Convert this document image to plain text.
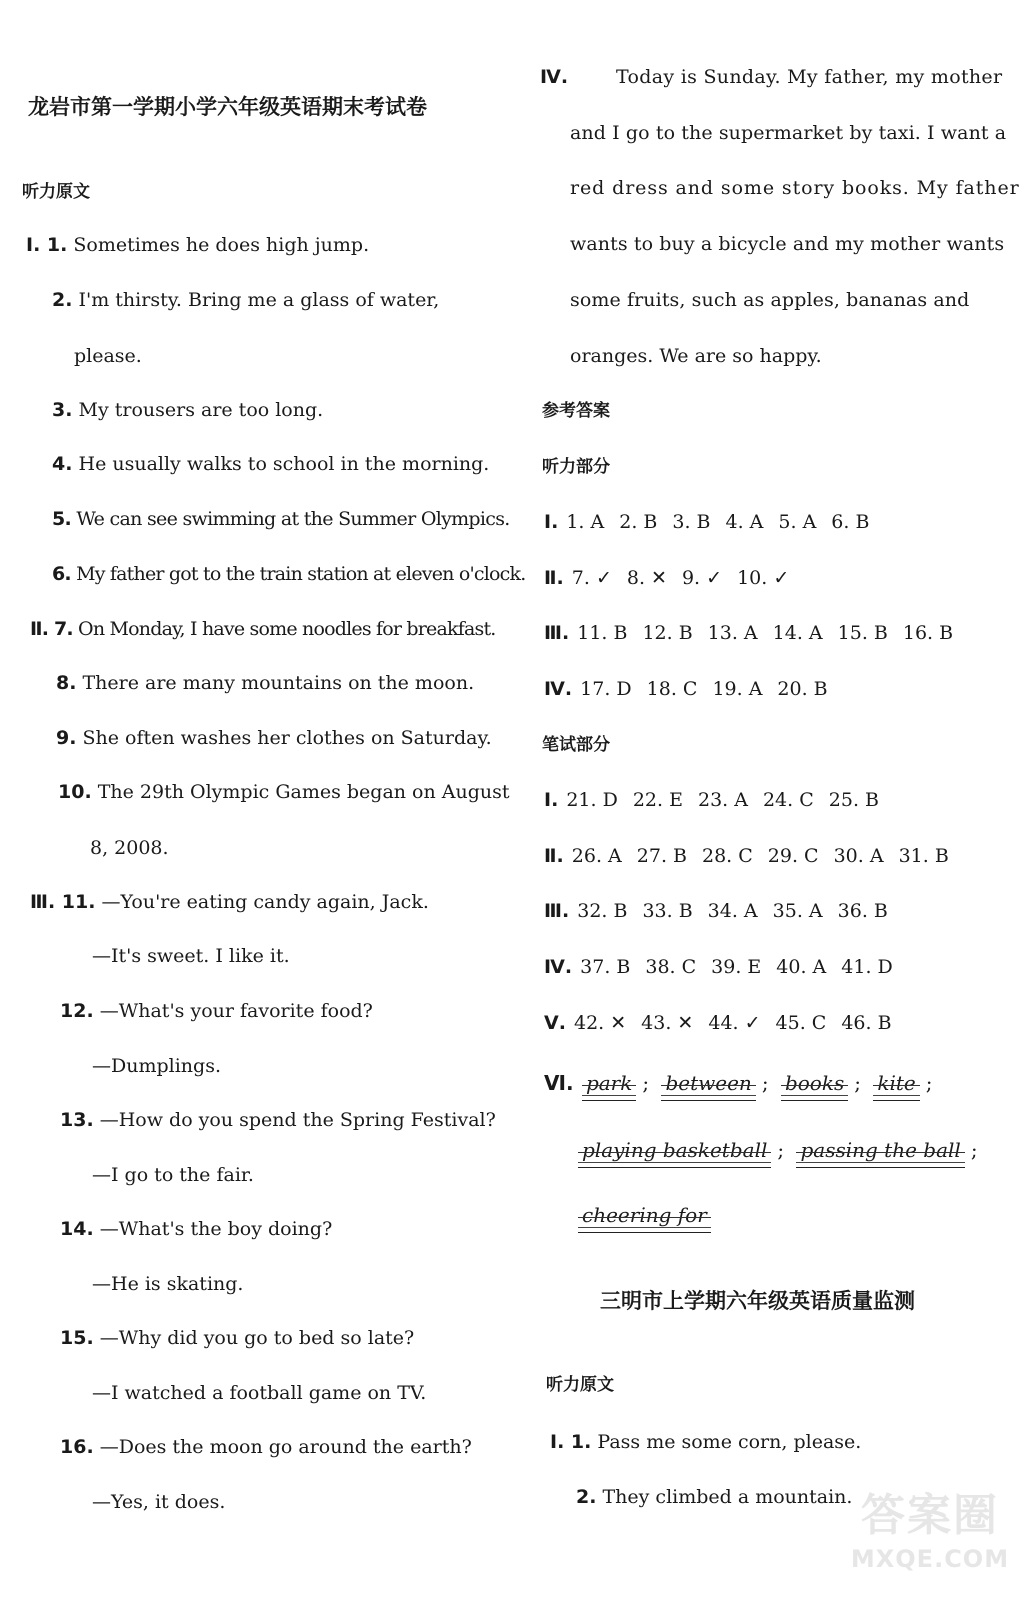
龙岩市第一学期小学六年级英语期末考试卷
听力原文
Ⅰ. 1. Sometimes he does high jump.
2. I'm thirsty. Bring me a glass of water,
please.
3. My trousers are too long.
4. He usually walks to school in the morning.
5. We can see swimming at the Summer Olympics.
6. My father got to the train station at eleven o'clock.
Ⅱ. 7. On Monday, I have some noodles for breakfast.
8. There are many mountains on the moon.
9. She often washes her clothes on Saturday.
10. The 29th Olympic Games began on August
8, 2008.
Ⅲ. 11. —You're eating candy again, Jack.
—It's sweet. I like it.
12. —What's your favorite food?
—Dumplings.
13. —How do you spend the Spring Festival?
—I go to the fair.
14. —What's the boy doing?
—He is skating.
15. —Why did you go to bed so late?
—I watched a football game on TV.
16. —Does the moon go around the earth?
—Yes, it does.
Ⅳ.	Today is Sunday. My father, my mother
and I go to the supermarket by taxi. I want a
red dress and some story books. My father
wants to buy a bicycle and my mother wants
some fruits, such as apples, bananas and
oranges. We are so happy.
参考答案
听力部分
Ⅰ. 1. A 2. B 3. B 4. A 5. A 6. B
Ⅱ. 7. ✓ 8. ✕ 9. ✓ 10. ✓
Ⅲ. 11. B 12. B 13. A 14. A 15. B 16. B
Ⅳ. 17. D 18. C 19. A 20. B
笔试部分
Ⅰ. 21. D 22. E 23. A 24. C 25. B
Ⅱ. 26. A 27. B 28. C 29. C 30. A 31. B
Ⅲ. 32. B 33. B 34. A 35. A 36. B
Ⅳ. 37. B 38. C 39. E 40. A 41. D
Ⅴ. 42. ✕ 43. ✕ 44. ✓ 45. C 46. B
Ⅵ. park ; between ; books ; kite ;
playing basketball ; passing the ball ;
cheering for
三明市上学期六年级英语质量监测
听力原文
Ⅰ. 1. Pass me some corn, please.
2. They climbed a mountain. 答案圈
MXQE.COM
